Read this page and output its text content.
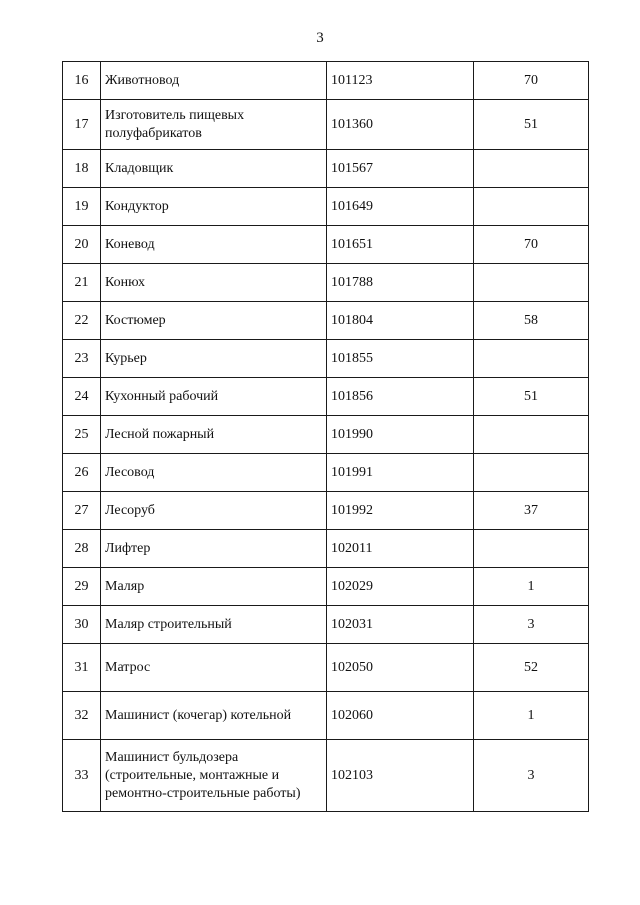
3
16	Животновод	101123	70
17	Изготовитель пищевых полуфабрикатов	101360	51
18	Кладовщик	101567	
19	Кондуктор	101649	
20	Коневод	101651	70
21	Конюх	101788	
22	Костюмер	101804	58
23	Курьер	101855	
24	Кухонный рабочий	101856	51
25	Лесной пожарный	101990	
26	Лесовод	101991	
27	Лесоруб	101992	37
28	Лифтер	102011	
29	Маляр	102029	1
30	Маляр строительный	102031	3
31	Матрос	102050	52
32	Машинист (кочегар) котельной	102060	1
33	Машинист бульдозера (строительные, монтажные и ремонтно-строительные работы)	102103	3
